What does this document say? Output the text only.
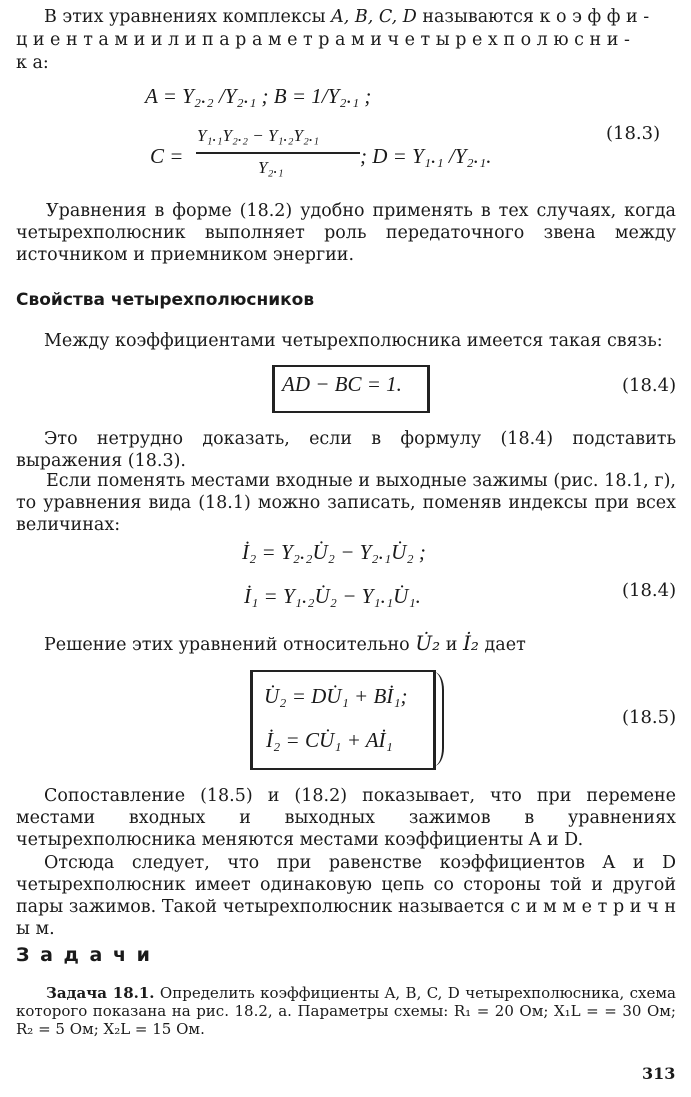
В этих уравнениях комплексы A, B, C, D называются к о э ф ф и -
ц и е н т а м и и л и п а р а м е т р а м и ч е т ы р е х п о л ю с н и -
к а:
A = Y₂.₂ /Y₂.₁ ; B = 1/Y₂.₁ ;
C =
Y₁.₁Y₂.₂ − Y₁.₂Y₂.₁
Y₂.₁	; D = Y₁.₁ /Y₂.₁.
(18.3)
Уравнения в форме (18.2) удобно применять в тех случаях, когда четырехполюсник выполняет роль передаточного звена между источником и приемником энергии.
Свойства четырехполюсников
Между коэффициентами четырехполюсника имеется такая связь:
AD − BC = 1.	(18.4)
Это нетрудно доказать, если в формулу (18.4) подставить выражения (18.3).
Если поменять местами входные и выходные зажимы (рис. 18.1, г), то уравнения вида (18.1) можно записать, поменяв индексы при всех величинах:
İ₂ = Y₂.₂U̇₂ − Y₂.₁U̇₂ ;
İ₁ = Y₁.₂U̇₂ − Y₁.₁U̇₁.	(18.4)
Решение этих уравнений относительно U̇₂ и İ₂ дает
U̇₂ = DU̇₁ + Bİ₁;
İ₂ = CU̇₁ + Aİ₁
(18.5)
Сопоставление (18.5) и (18.2) показывает, что при перемене местами входных и выходных зажимов в уравнениях четырехполюсника меняются местами коэффициенты A и D.
Отсюда следует, что при равенстве коэффициентов A и D четырехполюсник имеет одинаковую цепь со стороны той и другой пары зажимов. Такой четырехполюсник называется с и м м е т р и ч н ы м.
З а д а ч и
Задача 18.1. Определить коэффициенты A, B, C, D четырехполюсника, схема которого показана на рис. 18.2, а. Параметры схемы: R₁ = 20 Ом; X₁L = = 30 Ом; R₂ = 5 Ом; X₂L = 15 Ом.
313
